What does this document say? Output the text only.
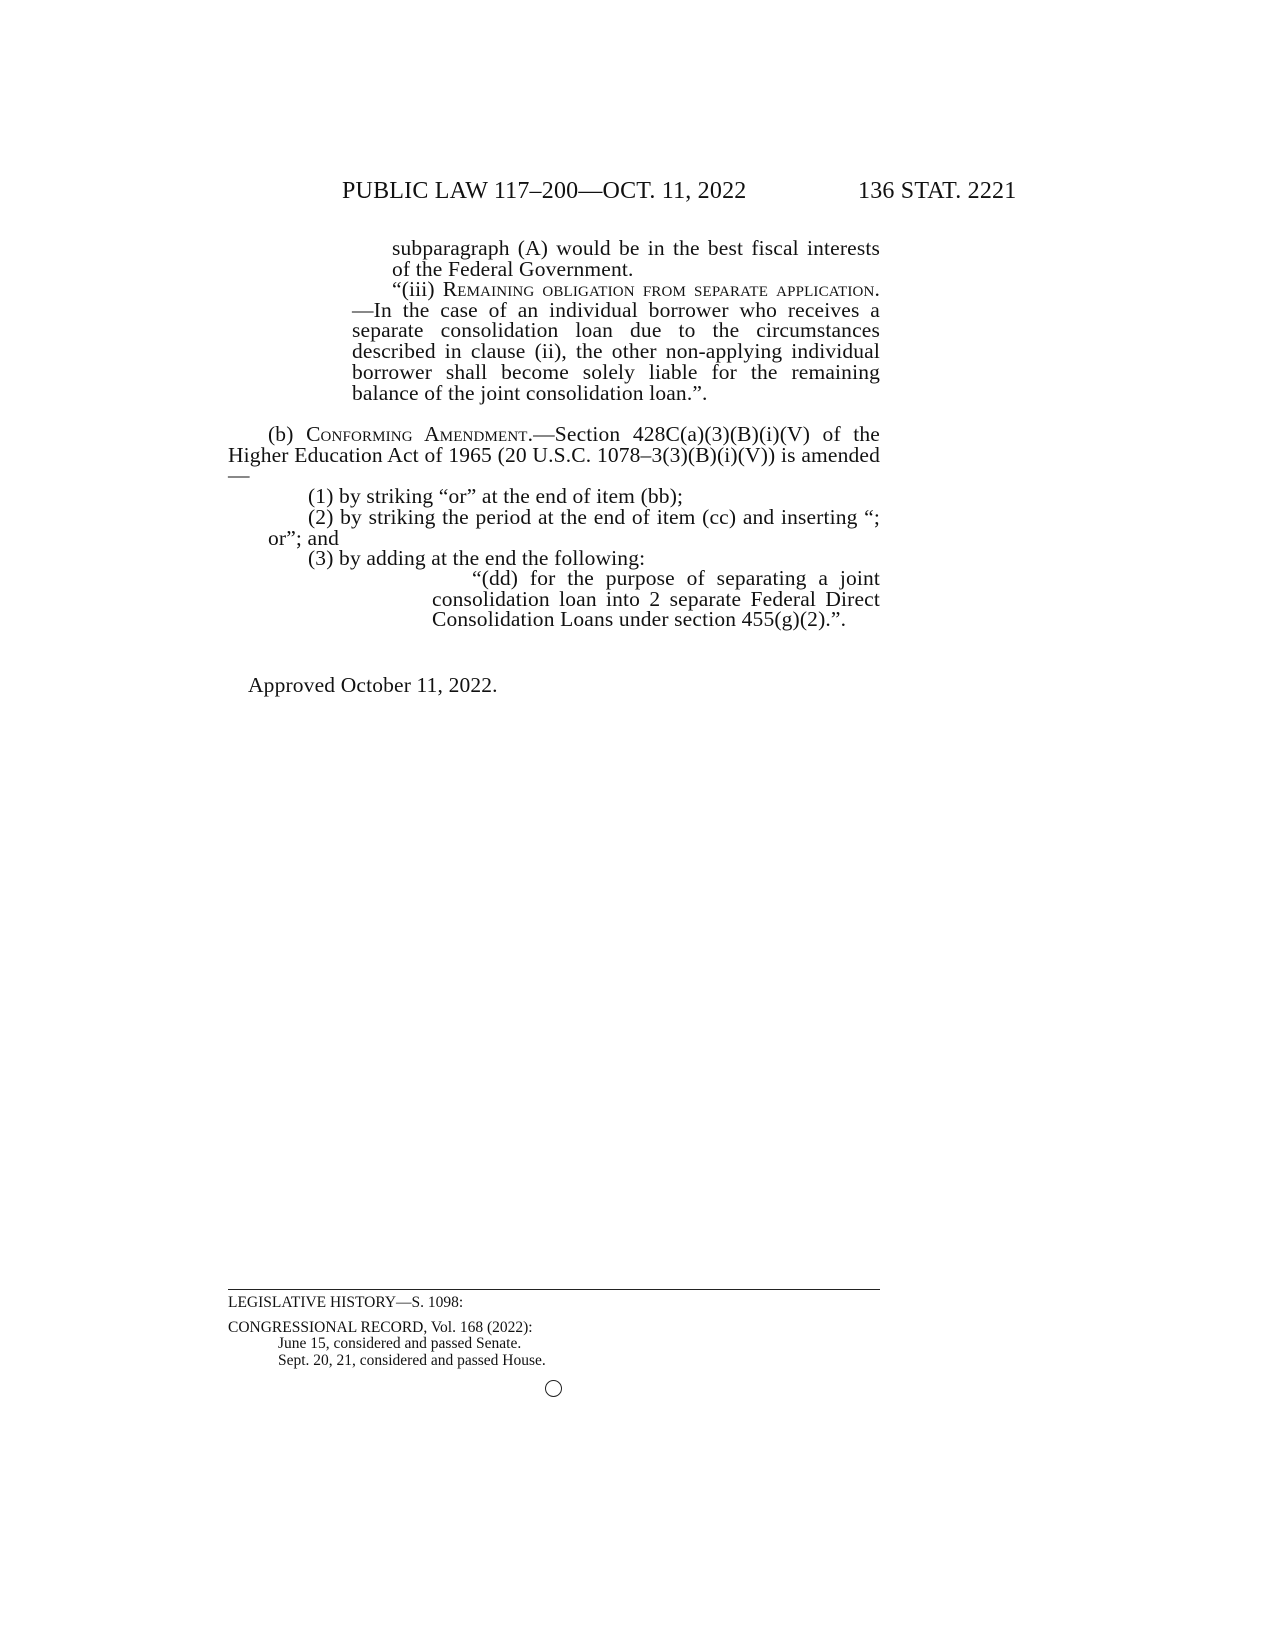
PUBLIC LAW 117–200—OCT. 11, 2022	136 STAT. 2221
subparagraph (A) would be in the best fiscal interests of the Federal Government.
“(iii) Remaining obligation from separate application.—In the case of an individual borrower who receives a separate consolidation loan due to the circumstances described in clause (ii), the other non-applying individual borrower shall become solely liable for the remaining balance of the joint consolidation loan.”.
(b) Conforming Amendment.—Section 428C(a)(3)(B)(i)(V) of the Higher Education Act of 1965 (20 U.S.C. 1078–3(3)(B)(i)(V)) is amended—
(1) by striking “or” at the end of item (bb);
(2) by striking the period at the end of item (cc) and inserting “; or”; and
(3) by adding at the end the following:
“(dd) for the purpose of separating a joint consolidation loan into 2 separate Federal Direct Consolidation Loans under section 455(g)(2).”.
Approved October 11, 2022.
LEGISLATIVE HISTORY—S. 1098:
CONGRESSIONAL RECORD, Vol. 168 (2022):
June 15, considered and passed Senate.
Sept. 20, 21, considered and passed House.
